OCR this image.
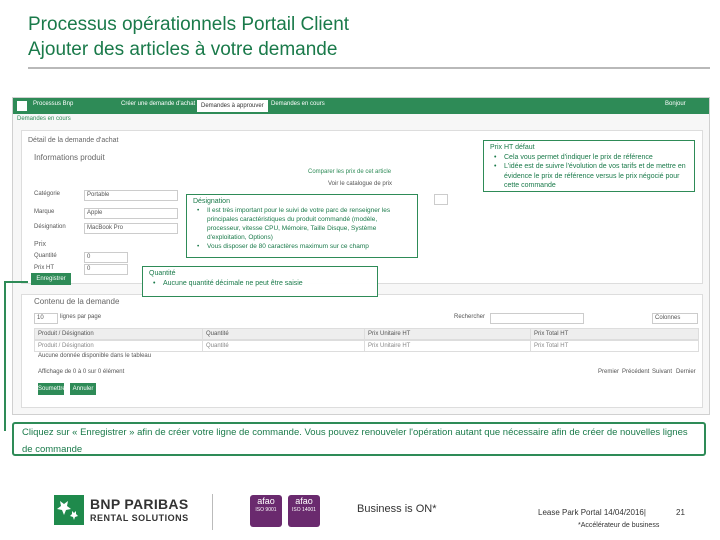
Processus opérationnels Portail Client
Ajouter des articles à votre demande
Processus Bnp	Créer une demande d'achat Demandes à approuver	Demandes en cours	Bonjour
Demandes en cours
Détail de la demande d'achat
Informations produit
Catégorie	Portable
Marque	Apple
Désignation	MacBook Pro
Prix
Quantité	0
Prix HT	0
Comparer les prix de cet article
Voir le catalogue de prix
Enregistrer
Contenu de la demande
10	lignes par page	Rechercher	Colonnes
Produit / Désignation	Quantité	Prix Unitaire HT	Prix Total HT
Produit / Désignation	Quantité	Prix Unitaire HT	Prix Total HT
Aucune donnée disponible dans le tableau
Affichage de 0 à 0 sur 0 élément	Premier Précédent Suivant Dernier
Soumettre	Annuler
Prix HT défaut
• Cela vous permet d'indiquer le prix de référence
• L'idée est de suivre l'évolution de vos tarifs et de mettre en évidence le prix de référence versus le prix négocié pour cette commande
Désignation
• Il est très important pour le suivi de votre parc de renseigner les principales caractéristiques du produit commandé (modèle, processeur, vitesse CPU, Mémoire, Taille Disque, Système d'exploitation, Options)
• Vous disposer de 80 caractères maximum sur ce champ
Quantité
• Aucune quantité décimale ne peut être saisie
Cliquez sur « Enregistrer » afin de créer votre ligne de commande. Vous pouvez renouveler l'opération autant que nécessaire afin de créer de nouvelles lignes de commande
BNP PARIBAS
RENTAL SOLUTIONS
afao
ISO 9001
afao
ISO 14001	Business is ON*	Lease Park Portal 14/04/2016|	21
*Accélérateur de business
